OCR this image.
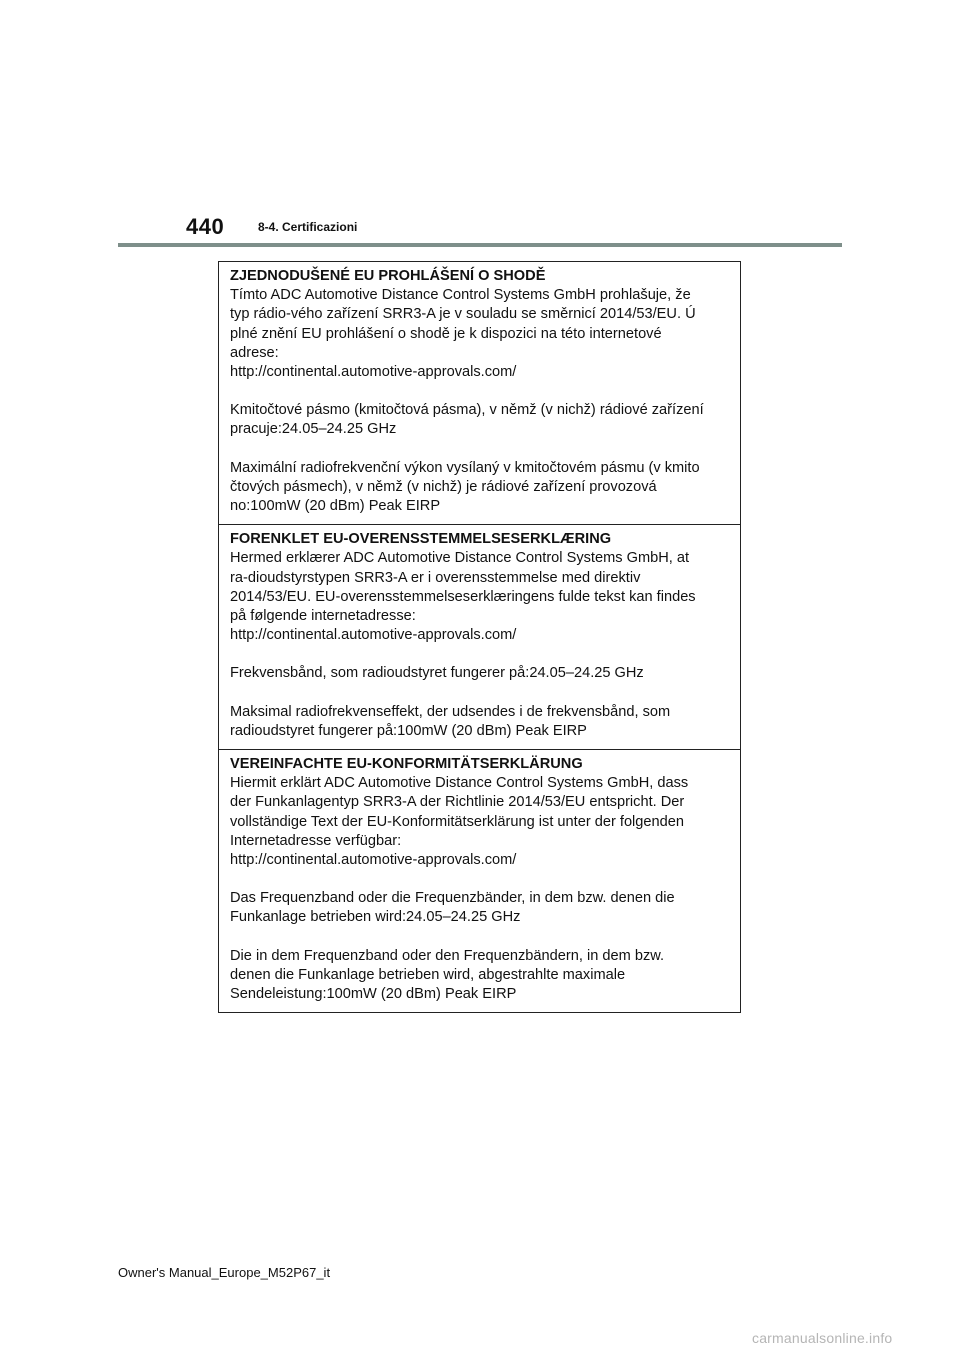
440	8-4. Certificazioni
ZJEDNODUŠENÉ EU PROHLÁŠENÍ O SHODĚ
Tímto ADC Automotive Distance Control Systems GmbH prohlašuje, že
typ rádio-vého zařízení SRR3-A je v souladu se směrnicí 2014/53/EU. Ú
plné znění EU prohlášení o shodě je k dispozici na této internetové
adrese:
http://continental.automotive-approvals.com/
Kmitočtové pásmo (kmitočtová pásma), v němž (v nichž) rádiové zařízení
pracuje:24.05–24.25 GHz
Maximální radiofrekvenční výkon vysílaný v kmitočtovém pásmu (v kmito
čtových pásmech), v němž (v nichž) je rádiové zařízení provozová
no:100mW (20 dBm) Peak EIRP
FORENKLET EU-OVERENSSTEMMELSESERKLÆRING
Hermed erklærer ADC Automotive Distance Control Systems GmbH, at
ra-dioudstyrstypen SRR3-A er i overensstemmelse med direktiv
2014/53/EU. EU-overensstemmelseserklæringens fulde tekst kan findes
på følgende internetadresse:
http://continental.automotive-approvals.com/
Frekvensbånd, som radioudstyret fungerer på:24.05–24.25 GHz
Maksimal radiofrekvenseffekt, der udsendes i de frekvensbånd, som
radioudstyret fungerer på:100mW (20 dBm) Peak EIRP
VEREINFACHTE EU-KONFORMITÄTSERKLÄRUNG
Hiermit erklärt ADC Automotive Distance Control Systems GmbH, dass
der Funkanlagentyp SRR3-A der Richtlinie 2014/53/EU entspricht. Der
vollständige Text der EU-Konformitätserklärung ist unter der folgenden
Internetadresse verfügbar:
http://continental.automotive-approvals.com/
Das Frequenzband oder die Frequenzbänder, in dem bzw. denen die
Funkanlage betrieben wird:24.05–24.25 GHz
Die in dem Frequenzband oder den Frequenzbändern, in dem bzw.
denen die Funkanlage betrieben wird, abgestrahlte maximale
Sendeleistung:100mW (20 dBm) Peak EIRP
Owner's Manual_Europe_M52P67_it
carmanualsonline.info
